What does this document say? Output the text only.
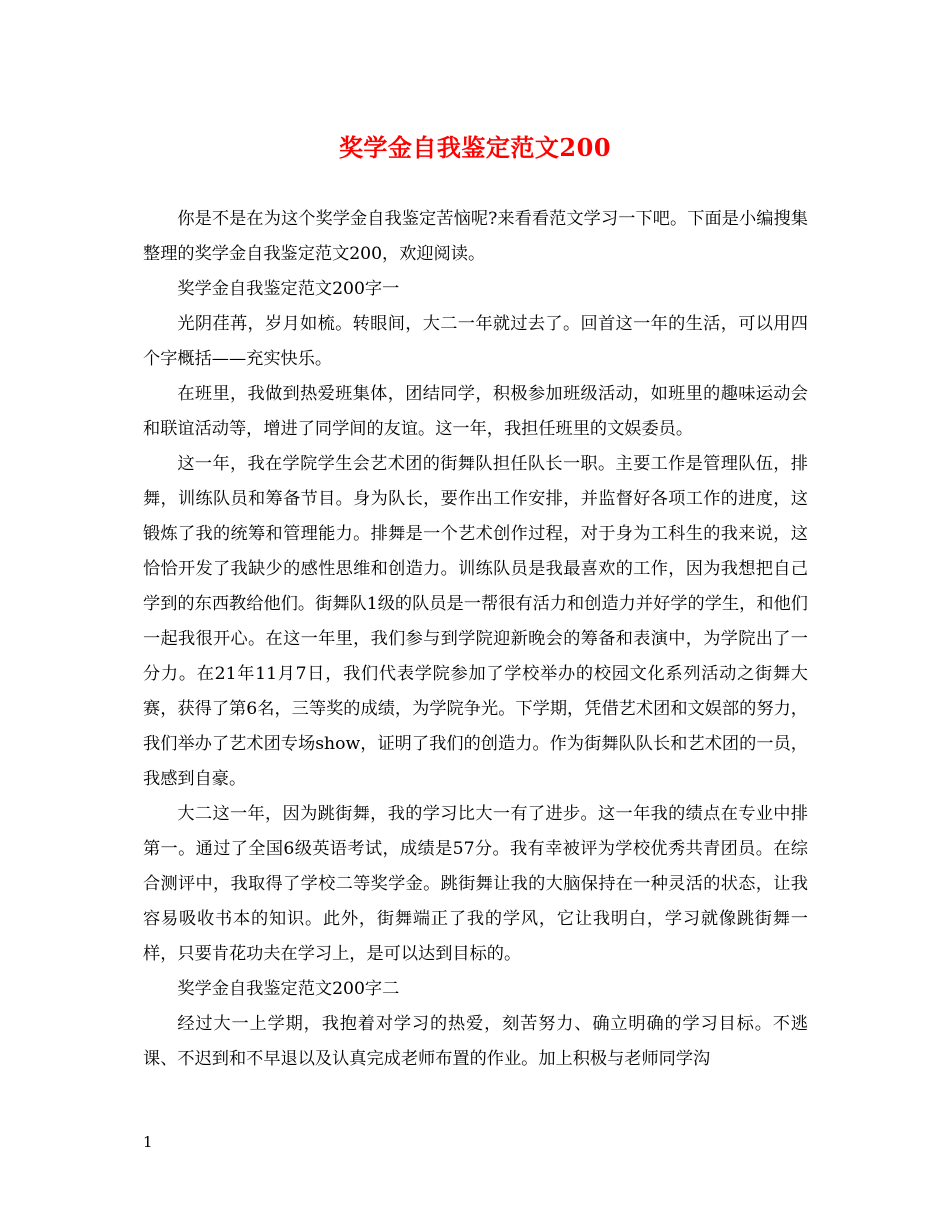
奖学金自我鉴定范文200

你是不是在为这个奖学金自我鉴定苦恼呢?来看看范文学习一下吧。下面是小编搜集整理的奖学金自我鉴定范文200，欢迎阅读。

奖学金自我鉴定范文200字一

光阴荏苒，岁月如梳。转眼间，大二一年就过去了。回首这一年的生活，可以用四个字概括——充实快乐。

在班里，我做到热爱班集体，团结同学，积极参加班级活动，如班里的趣味运动会和联谊活动等，增进了同学间的友谊。这一年，我担任班里的文娱委员。

这一年，我在学院学生会艺术团的街舞队担任队长一职。主要工作是管理队伍，排舞，训练队员和筹备节目。身为队长，要作出工作安排，并监督好各项工作的进度，这锻炼了我的统筹和管理能力。排舞是一个艺术创作过程，对于身为工科生的我来说，这恰恰开发了我缺少的感性思维和创造力。训练队员是我最喜欢的工作，因为我想把自己学到的东西教给他们。街舞队1级的队员是一帮很有活力和创造力并好学的学生，和他们一起我很开心。在这一年里，我们参与到学院迎新晚会的筹备和表演中，为学院出了一分力。在21年11月7日，我们代表学院参加了学校举办的校园文化系列活动之街舞大赛，获得了第6名，三等奖的成绩，为学院争光。下学期，凭借艺术团和文娱部的努力，我们举办了艺术团专场show，证明了我们的创造力。作为街舞队队长和艺术团的一员，我感到自豪。

大二这一年，因为跳街舞，我的学习比大一有了进步。这一年我的绩点在专业中排第一。通过了全国6级英语考试，成绩是57分。我有幸被评为学校优秀共青团员。在综合测评中，我取得了学校二等奖学金。跳街舞让我的大脑保持在一种灵活的状态，让我容易吸收书本的知识。此外，街舞端正了我的学风，它让我明白，学习就像跳街舞一样，只要肯花功夫在学习上，是可以达到目标的。

奖学金自我鉴定范文200字二

经过大一上学期，我抱着对学习的热爱，刻苦努力、确立明确的学习目标。不逃课、不迟到和不早退以及认真完成老师布置的作业。加上积极与老师同学沟

1
